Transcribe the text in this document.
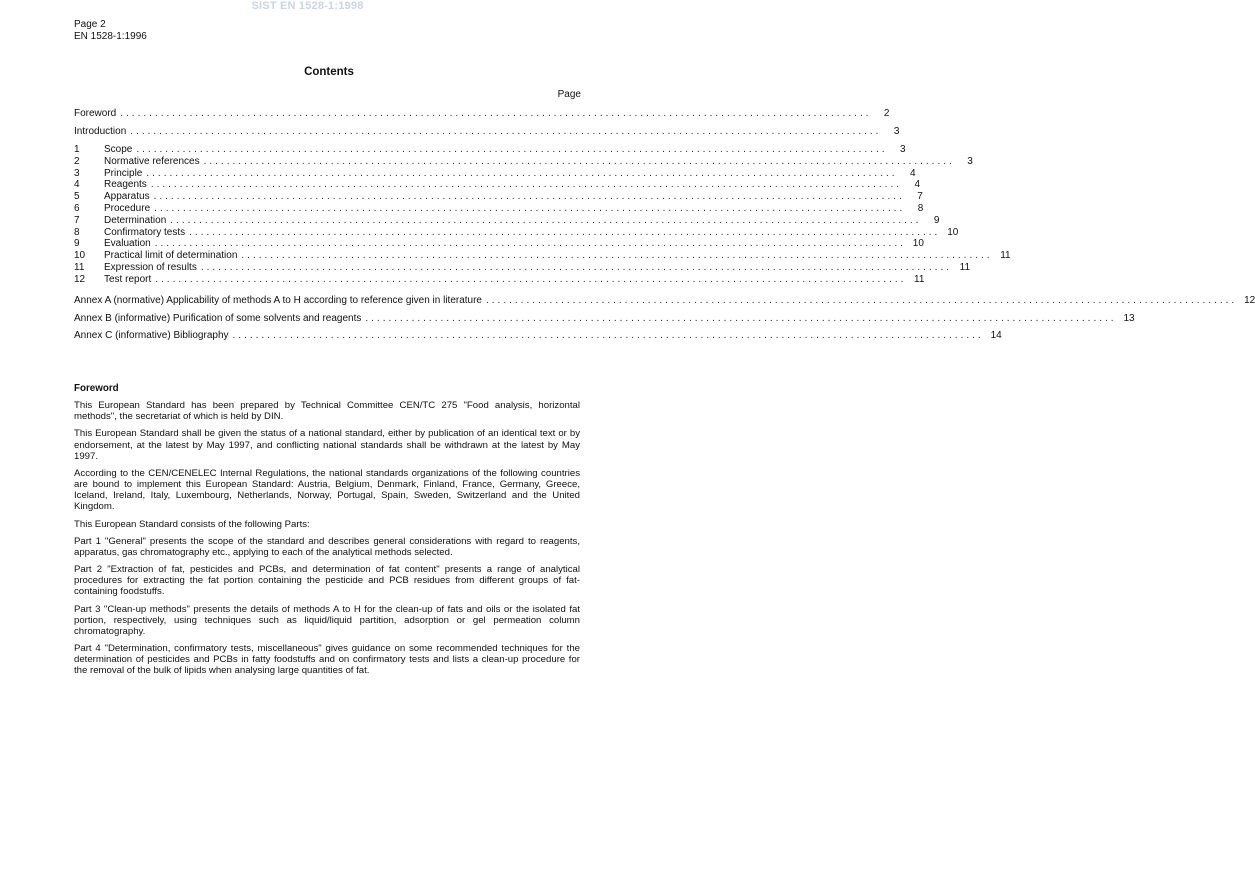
SIST EN 1528-1:1998
Page 2
EN 1528-1:1996
Contents
Page
Foreword ..................................................................................................................................	2
Introduction ..................................................................................................................................	3
1	Scope ..................................................................................................................................	3
2	Normative references ..................................................................................................................................	3
3	Principle ..................................................................................................................................	4
4	Reagents ..................................................................................................................................	4
5	Apparatus ..................................................................................................................................	7
6	Procedure ..................................................................................................................................	8
7	Determination ..................................................................................................................................	9
8	Confirmatory tests .................................................................................................................................. 10
9	Evaluation .................................................................................................................................. 10
10	Practical limit of determination .................................................................................................................................. 11
11	Expression of results .................................................................................................................................. 11
12	Test report .................................................................................................................................. 11
Annex A (normative) Applicability of methods A to H according to reference given in literature .................................................................................................................................. 12
Annex B (informative) Purification of some solvents and reagents .................................................................................................................................. 13
Annex C (informative) Bibliography .................................................................................................................................. 14
Foreword

This European Standard has been prepared by Technical Committee CEN/TC 275 "Food analysis, horizontal methods", the secretariat of which is held by DIN.

This European Standard shall be given the status of a national standard, either by publication of an identical text or by endorsement, at the latest by May 1997, and conflicting national standards shall be withdrawn at the latest by May 1997.

According to the CEN/CENELEC Internal Regulations, the national standards organizations of the following countries are bound to implement this European Standard: Austria, Belgium, Denmark, Finland, France, Germany, Greece, Iceland, Ireland, Italy, Luxembourg, Netherlands, Norway, Portugal, Spain, Sweden, Switzerland and the United Kingdom.

This European Standard consists of the following Parts:

Part 1 "General" presents the scope of the standard and describes general considerations with regard to reagents, apparatus, gas chromatography etc., applying to each of the analytical methods selected.

Part 2 "Extraction of fat, pesticides and PCBs, and determination of fat content" presents a range of analytical procedures for extracting the fat portion containing the pesticide and PCB residues from different groups of fat-containing foodstuffs.

Part 3 "Clean-up methods" presents the details of methods A to H for the clean-up of fats and oils or the isolated fat portion, respectively, using techniques such as liquid/liquid partition, adsorption or gel permeation column chromatography.

Part 4 "Determination, confirmatory tests, miscellaneous" gives guidance on some recommended techniques for the determination of pesticides and PCBs in fatty foodstuffs and on confirmatory tests and lists a clean-up procedure for the removal of the bulk of lipids when analysing large quantities of fat.
